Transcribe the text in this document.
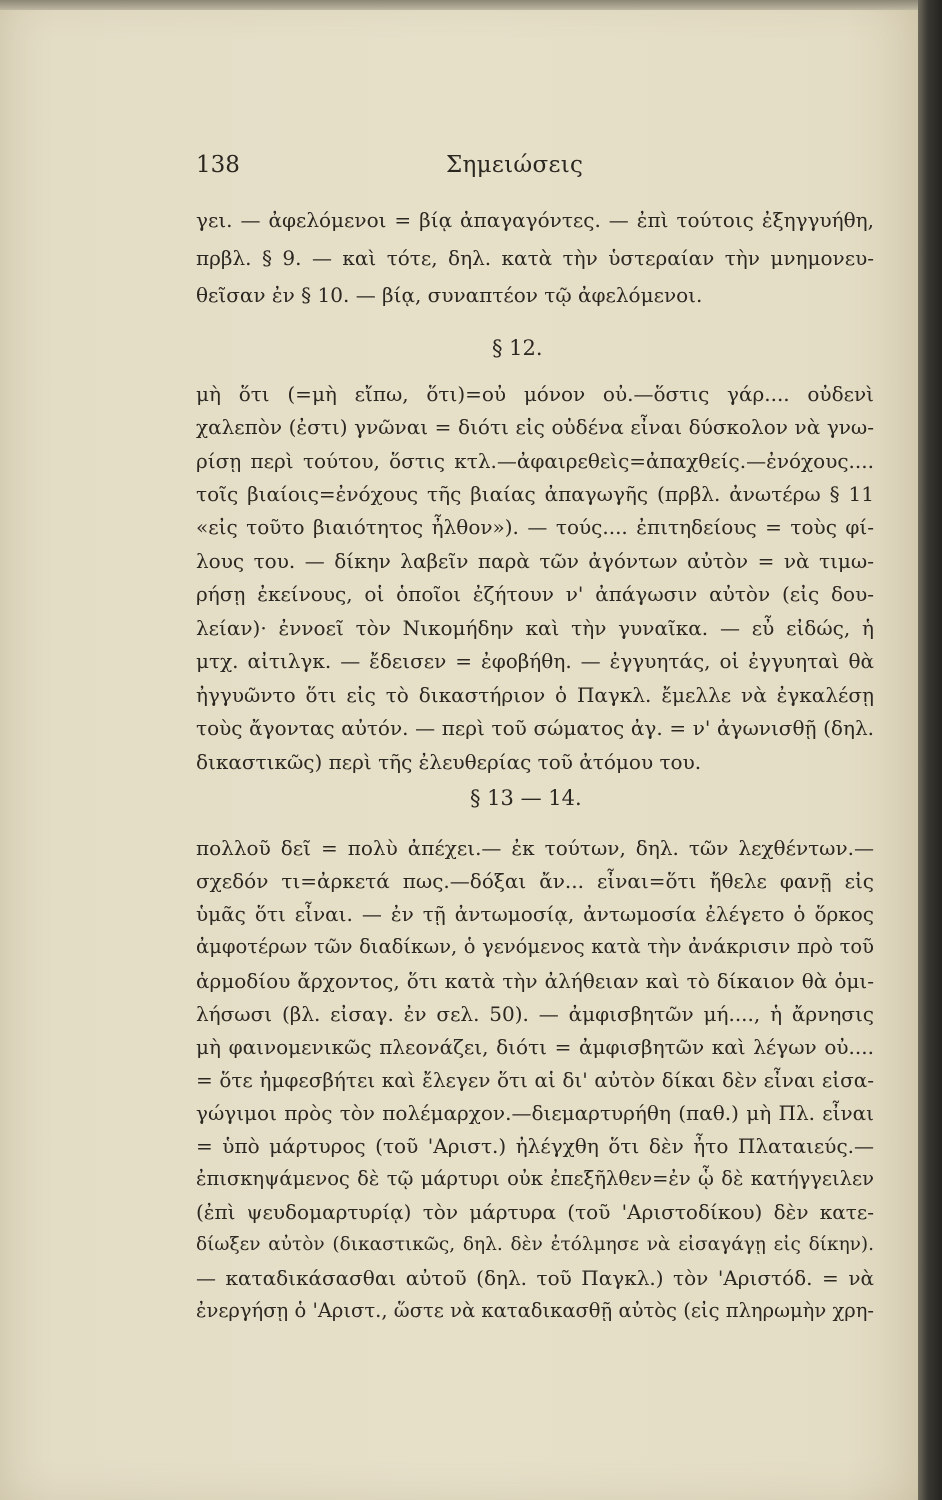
138	Σημειώσεις
γει. — ἀφελόμενοι = βίᾳ ἀπαγαγόντες. — ἐπὶ τούτοις ἐξηγγυήθη,
πρβλ. § 9. — καὶ τότε, δηλ. κατὰ τὴν ὑστεραίαν τὴν μνημονευ-
θεῖσαν ἐν § 10. — βίᾳ, συναπτέον τῷ ἀφελόμενοι.
§ 12.
μὴ ὅτι (=μὴ εἴπω, ὅτι)=οὐ μόνον οὐ.—ὅστις γάρ.... οὐδενὶ
χαλεπὸν (ἐστι) γνῶναι = διότι εἰς οὐδένα εἶναι δύσκολον νὰ γνω-
ρίσῃ περὶ τούτου, ὅστις κτλ.—ἀφαιρεθεὶς=ἀπαχθείς.—ἐνόχους....
τοῖς βιαίοις=ἐνόχους τῆς βιαίας ἀπαγωγῆς (πρβλ. ἀνωτέρω § 11
«εἰς τοῦτο βιαιότητος ἦλθον»). — τούς.... ἐπιτηδείους = τοὺς φί-
λους του. — δίκην λαβεῖν παρὰ τῶν ἀγόντων αὐτὸν = νὰ τιμω-
ρήσῃ ἐκείνους, οἱ ὁποῖοι ἐζήτουν ν' ἀπάγωσιν αὐτὸν (εἰς δου-
λείαν)· ἐννοεῖ τὸν Νικομήδην καὶ τὴν γυναῖκα. — εὖ εἰδώς, ἡ
μτχ. αἰτιλγκ. — ἔδεισεν = ἐφοβήθη. — ἐγγυητάς, οἱ ἐγγυηταὶ θὰ
ἠγγυῶντο ὅτι εἰς τὸ δικαστήριον ὁ Παγκλ. ἔμελλε νὰ ἐγκαλέσῃ
τοὺς ἄγοντας αὐτόν. — περὶ τοῦ σώματος ἀγ. = ν' ἀγωνισθῇ (δηλ.
δικαστικῶς) περὶ τῆς ἐλευθερίας τοῦ ἀτόμου του.
§ 13 — 14.
πολλοῦ δεῖ = πολὺ ἀπέχει.— ἐκ τούτων, δηλ. τῶν λεχθέντων.—
σχεδόν τι=ἀρκετά πως.—δόξαι ἄν... εἶναι=ὅτι ἤθελε φανῇ εἰς
ὑμᾶς ὅτι εἶναι. — ἐν τῇ ἀντωμοσίᾳ, ἀντωμοσία ἐλέγετο ὁ ὅρκος
ἀμφοτέρων τῶν διαδίκων, ὁ γενόμενος κατὰ τὴν ἀνάκρισιν πρὸ τοῦ
ἁρμοδίου ἄρχοντος, ὅτι κατὰ τὴν ἀλήθειαν καὶ τὸ δίκαιον θὰ ὁμι-
λήσωσι (βλ. εἰσαγ. ἐν σελ. 50). — ἀμφισβητῶν μή...., ἡ ἄρνησις
μὴ φαινομενικῶς πλεονάζει, διότι = ἀμφισβητῶν καὶ λέγων οὐ....
= ὅτε ἠμφεσβήτει καὶ ἔλεγεν ὅτι αἱ δι' αὐτὸν δίκαι δὲν εἶναι εἰσα-
γώγιμοι πρὸς τὸν πολέμαρχον.—διεμαρτυρήθη (παθ.) μὴ Πλ. εἶναι
= ὑπὸ μάρτυρος (τοῦ 'Αριστ.) ἠλέγχθη ὅτι δὲν ἦτο Πλαταιεύς.—
ἐπισκηψάμενος δὲ τῷ μάρτυρι οὐκ ἐπεξῆλθεν=ἐν ᾧ δὲ κατήγγειλεν
(ἐπὶ ψευδομαρτυρίᾳ) τὸν μάρτυρα (τοῦ 'Αριστοδίκου) δὲν κατε-
δίωξεν αὐτὸν (δικαστικῶς, δηλ. δὲν ἐτόλμησε νὰ εἰσαγάγῃ εἰς δίκην).
— καταδικάσασθαι αὐτοῦ (δηλ. τοῦ Παγκλ.) τὸν 'Αριστόδ. = νὰ
ἐνεργήσῃ ὁ 'Αριστ., ὥστε νὰ καταδικασθῇ αὐτὸς (εἰς πληρωμὴν χρη-
